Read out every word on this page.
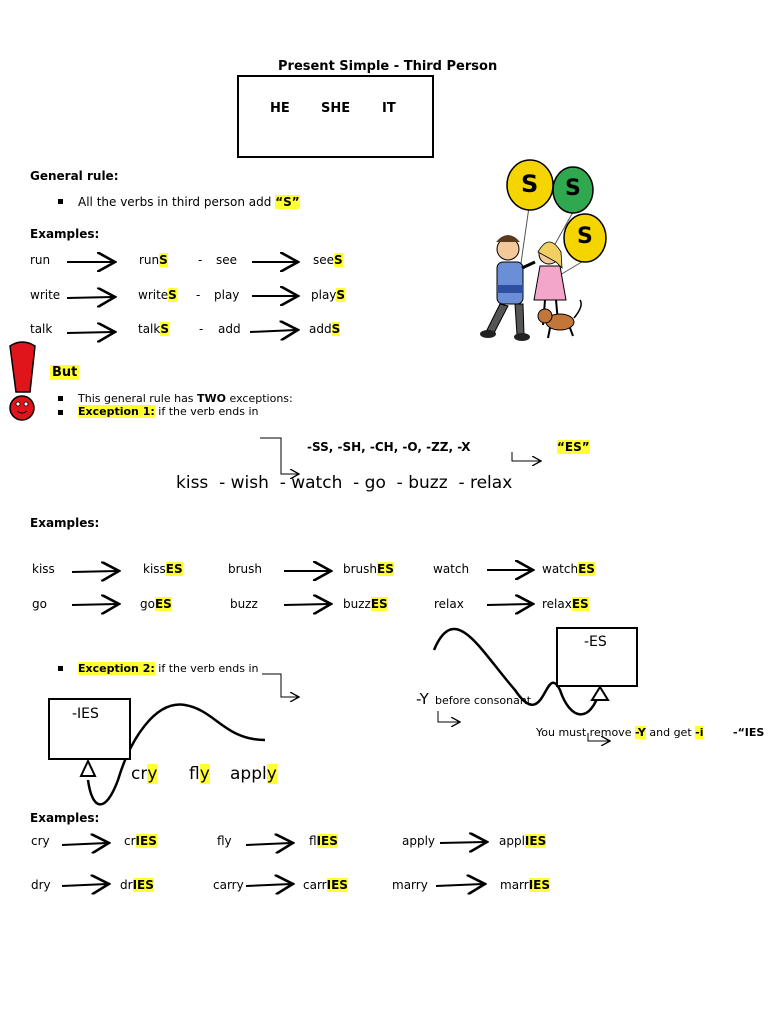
Present Simple - Third Person
HE SHE IT
General rule:
All the verbs in third person add “S”
Examples:
run	runS	- see	seeS
write	writeS - play	playS
talk	talkS	- add	addS
S S
S
But
This general rule has TWO exceptions:
Exception 1: if the verb ends in
-SS, -SH, -CH, -O, -ZZ, -X	“ES”
kiss  - wish  - watch  - go  - buzz  - relax
Examples:
kiss	kissES	brush	brushES	watch	watchES
go	goES	buzz	buzzES	relax	relaxES
-ES
Exception 2: if the verb ends in
-Y before consonant
-IES
You must remove -Y and get -i	-“IES
cry fly apply
Examples:
cry	crIES	fly	flIES	apply	applIES
dry	drIES	carry	carrIES	marry	marrIES
